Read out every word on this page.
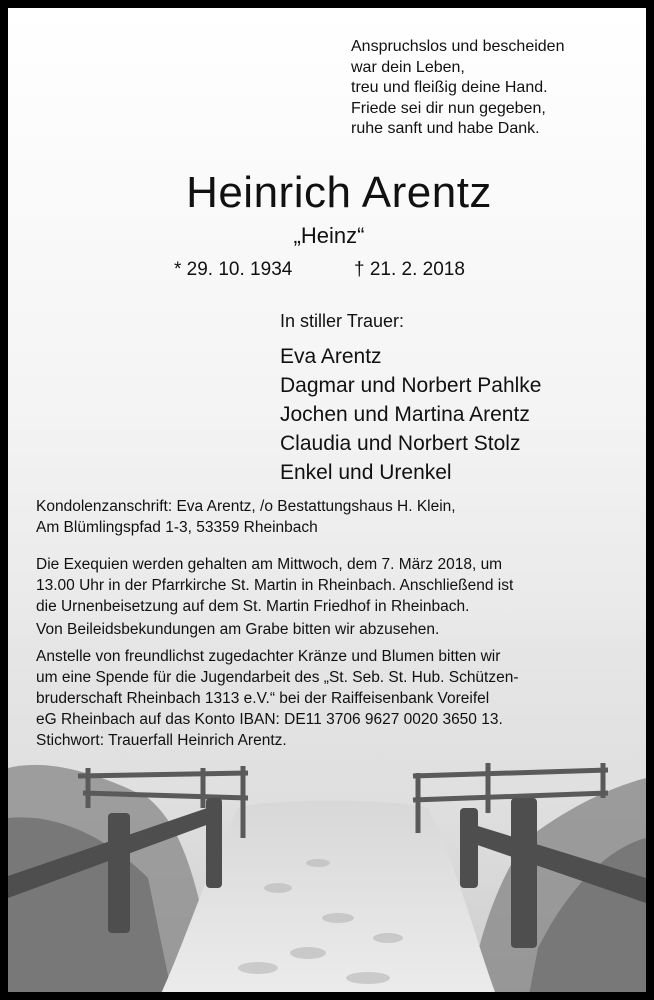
Anspruchslos und bescheiden
war dein Leben,
treu und fleißig deine Hand.
Friede sei dir nun gegeben,
ruhe sanft und habe Dank.
Heinrich Arentz
„Heinz“
* 29. 10. 1934	† 21. 2. 2018
In stiller Trauer:
Eva Arentz
Dagmar und Norbert Pahlke
Jochen und Martina Arentz
Claudia und Norbert Stolz
Enkel und Urenkel
Kondolenzanschrift: Eva Arentz, /o Bestattungshaus H. Klein,
Am Blümlingspfad 1-3, 53359 Rheinbach
Die Exequien werden gehalten am Mittwoch, dem 7. März 2018, um
13.00 Uhr in der Pfarrkirche St. Martin in Rheinbach. Anschließend ist
die Urnenbeisetzung auf dem St. Martin Friedhof in Rheinbach.
Von Beileidsbekundungen am Grabe bitten wir abzusehen.
Anstelle von freundlichst zugedachter Kränze und Blumen bitten wir
um eine Spende für die Jugendarbeit des „St. Seb. St. Hub. Schützen-
bruderschaft Rheinbach 1313 e.V.“ bei der Raiffeisenbank Voreifel
eG Rheinbach auf das Konto IBAN: DE11 3706 9627 0020 3650 13.
Stichwort: Trauerfall Heinrich Arentz.
